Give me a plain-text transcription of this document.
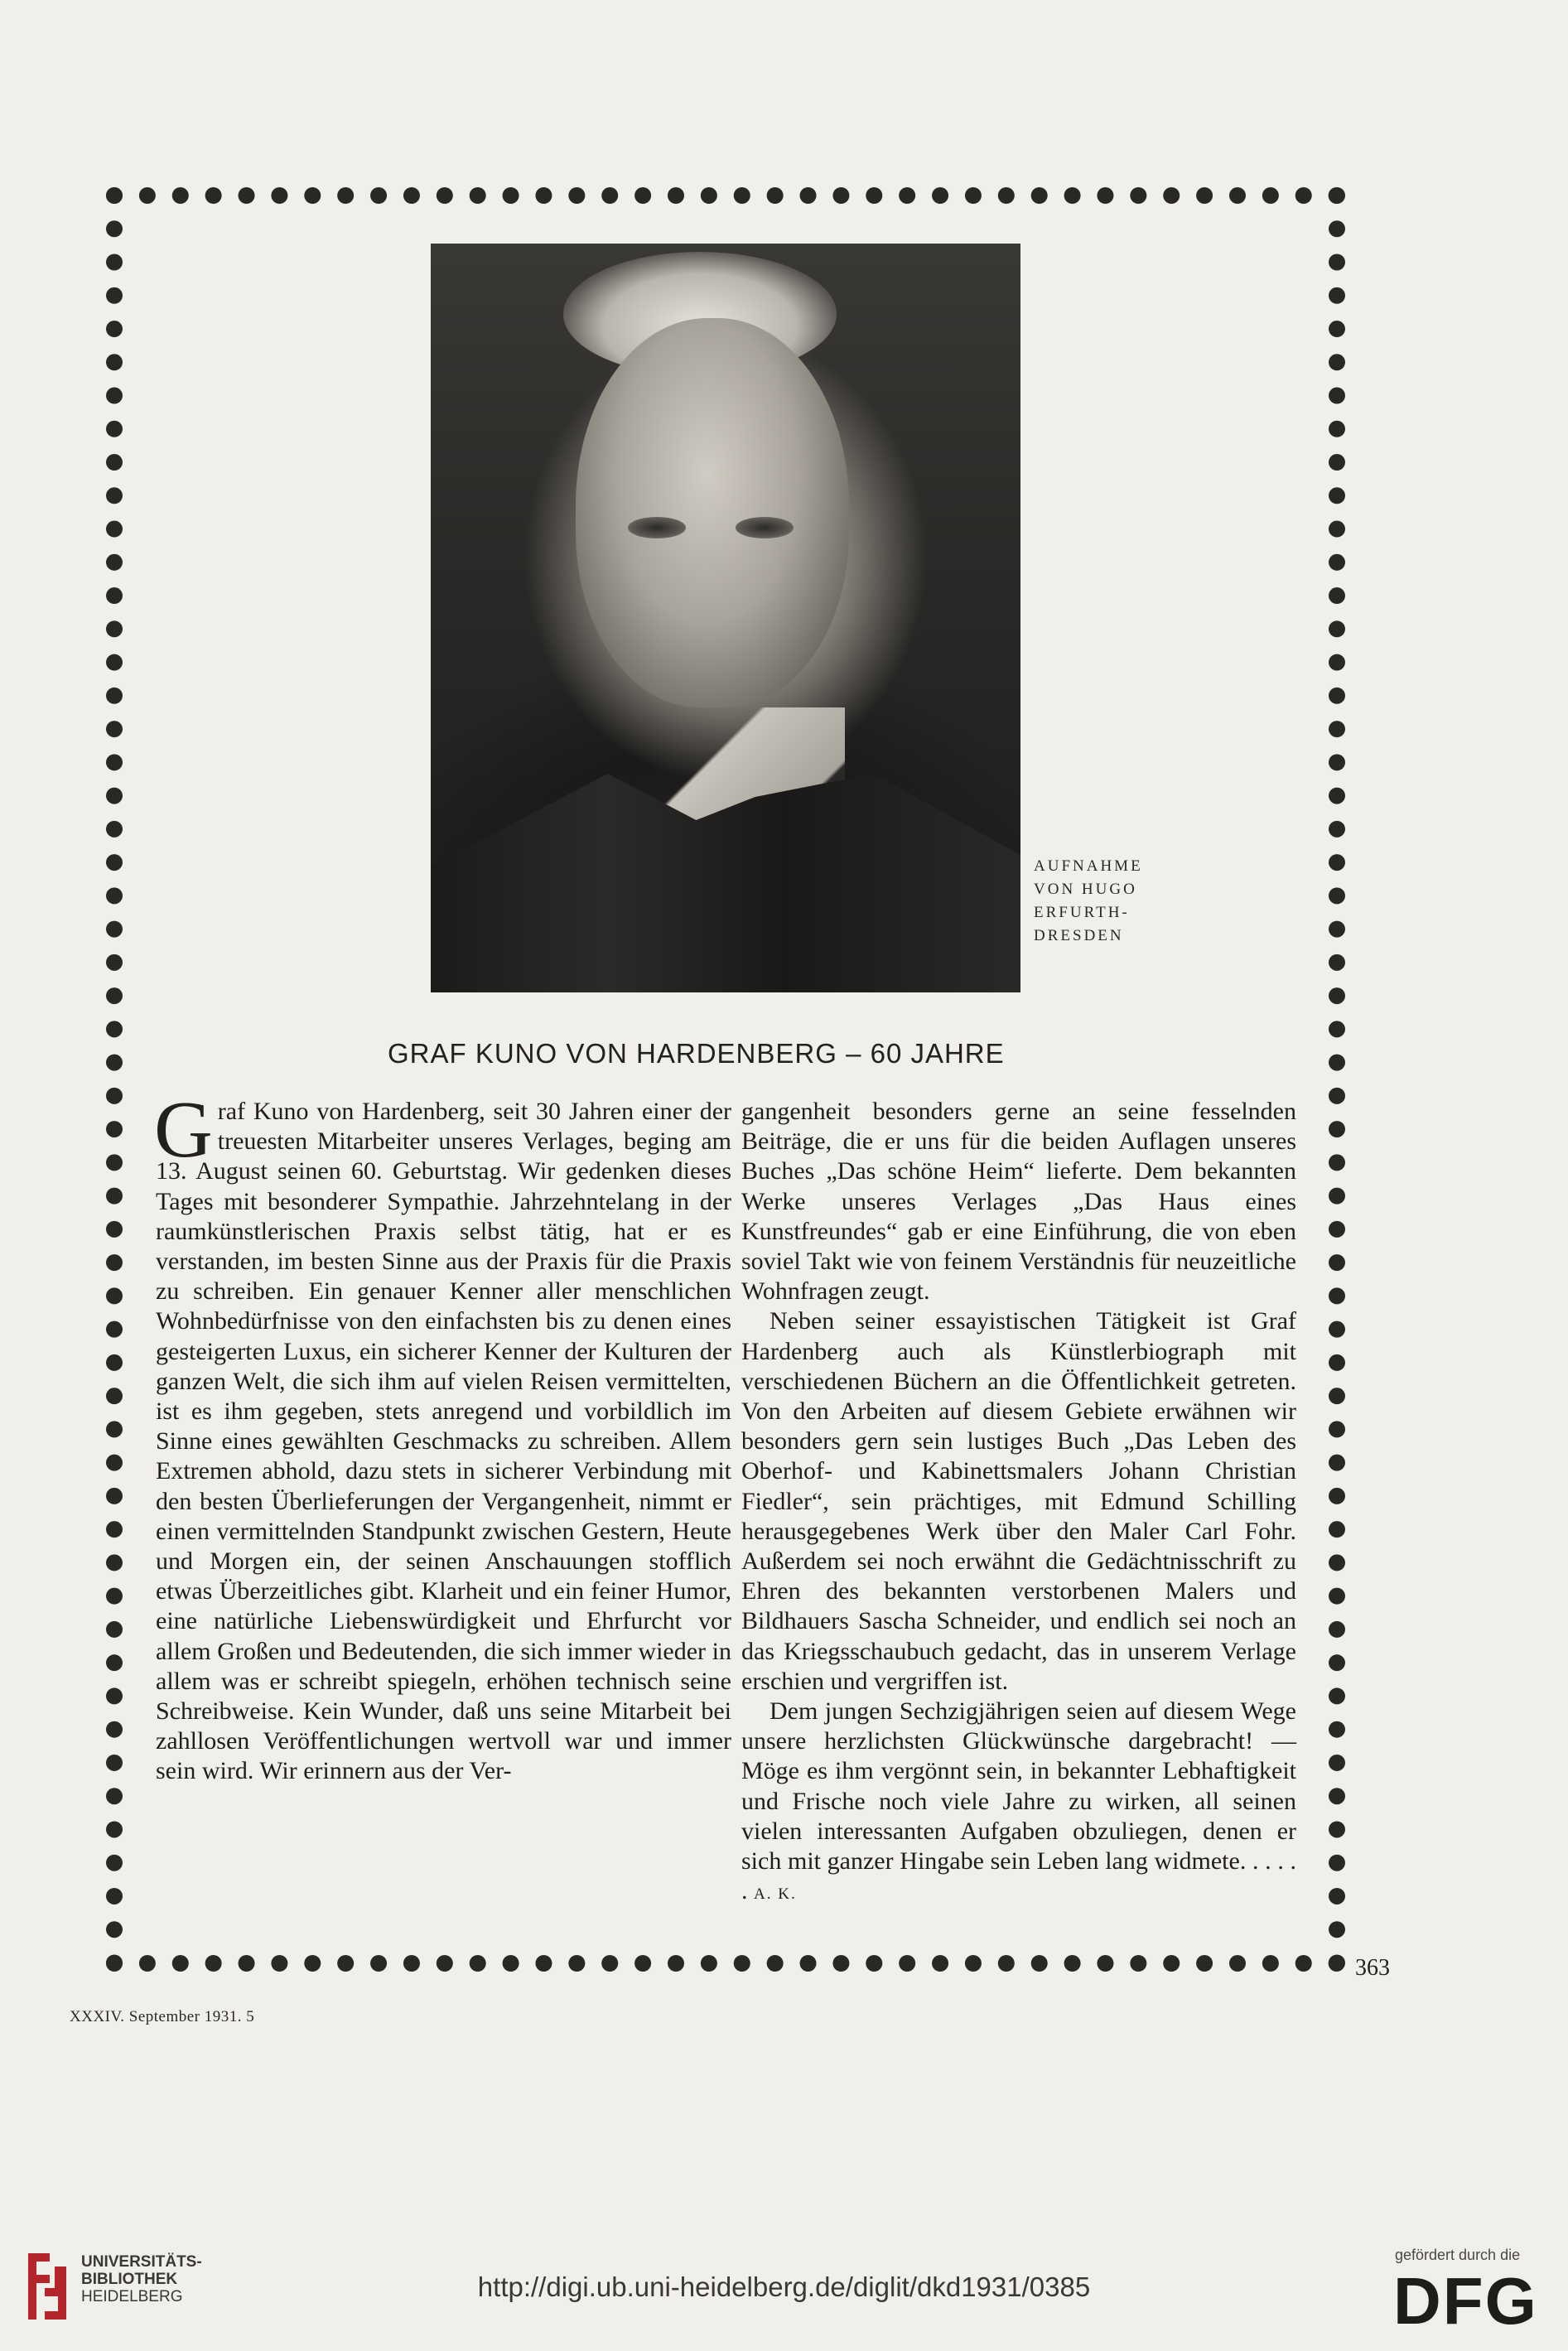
AUFNAHME
VON HUGO
ERFURTH-
DRESDEN
GRAF KUNO VON HARDENBERG – 60 JAHRE

Graf Kuno von Hardenberg, seit 30 Jahren einer der treuesten Mitarbeiter unseres Verlages, beging am 13. August seinen 60. Geburtstag. Wir gedenken dieses Tages mit besonderer Sympathie. Jahrzehntelang in der raumkünstlerischen Praxis selbst tätig, hat er es verstanden, im besten Sinne aus der Praxis für die Praxis zu schreiben. Ein genauer Kenner aller menschlichen Wohnbedürfnisse von den einfachsten bis zu denen eines gesteigerten Luxus, ein sicherer Kenner der Kulturen der ganzen Welt, die sich ihm auf vielen Reisen vermittelten, ist es ihm gegeben, stets anregend und vorbildlich im Sinne eines gewählten Geschmacks zu schreiben. Allem Extremen abhold, dazu stets in sicherer Verbindung mit den besten Überlieferungen der Vergangenheit, nimmt er einen vermittelnden Standpunkt zwischen Gestern, Heute und Morgen ein, der seinen Anschauungen stofflich etwas Überzeitliches gibt. Klarheit und ein feiner Humor, eine natürliche Liebenswürdigkeit und Ehrfurcht vor allem Großen und Bedeutenden, die sich immer wieder in allem was er schreibt spiegeln, erhöhen technisch seine Schreibweise. Kein Wunder, daß uns seine Mitarbeit bei zahllosen Veröffentlichungen wertvoll war und immer sein wird. Wir erinnern aus der Ver-

gangenheit besonders gerne an seine fesselnden Beiträge, die er uns für die beiden Auflagen unseres Buches „Das schöne Heim“ lieferte. Dem bekannten Werke unseres Verlages „Das Haus eines Kunstfreundes“ gab er eine Einführung, die von eben soviel Takt wie von feinem Verständnis für neuzeitliche Wohnfragen zeugt.

Neben seiner essayistischen Tätigkeit ist Graf Hardenberg auch als Künstlerbiograph mit verschiedenen Büchern an die Öffentlichkeit getreten. Von den Arbeiten auf diesem Gebiete erwähnen wir besonders gern sein lustiges Buch „Das Leben des Oberhof- und Kabinettsmalers Johann Christian Fiedler“, sein prächtiges, mit Edmund Schilling herausgegebenes Werk über den Maler Carl Fohr. Außerdem sei noch erwähnt die Gedächtnisschrift zu Ehren des bekannten verstorbenen Malers und Bildhauers Sascha Schneider, und endlich sei noch an das Kriegsschaubuch gedacht, das in unserem Verlage erschien und vergriffen ist.

Dem jungen Sechzigjährigen seien auf diesem Wege unsere herzlichsten Glückwünsche dargebracht! — Möge es ihm vergönnt sein, in bekannter Lebhaftigkeit und Frische noch viele Jahre zu wirken, all seinen vielen interessanten Aufgaben obzuliegen, denen er sich mit ganzer Hingabe sein Leben lang widmete. . . . . . A. K.

363
XXXIV. September 1931. 5
UNIVERSITÄTS-
BIBLIOTHEK
HEIDELBERG	http://digi.ub.uni-heidelberg.de/diglit/dkd1931/0385
gefördert durch die
DFG
